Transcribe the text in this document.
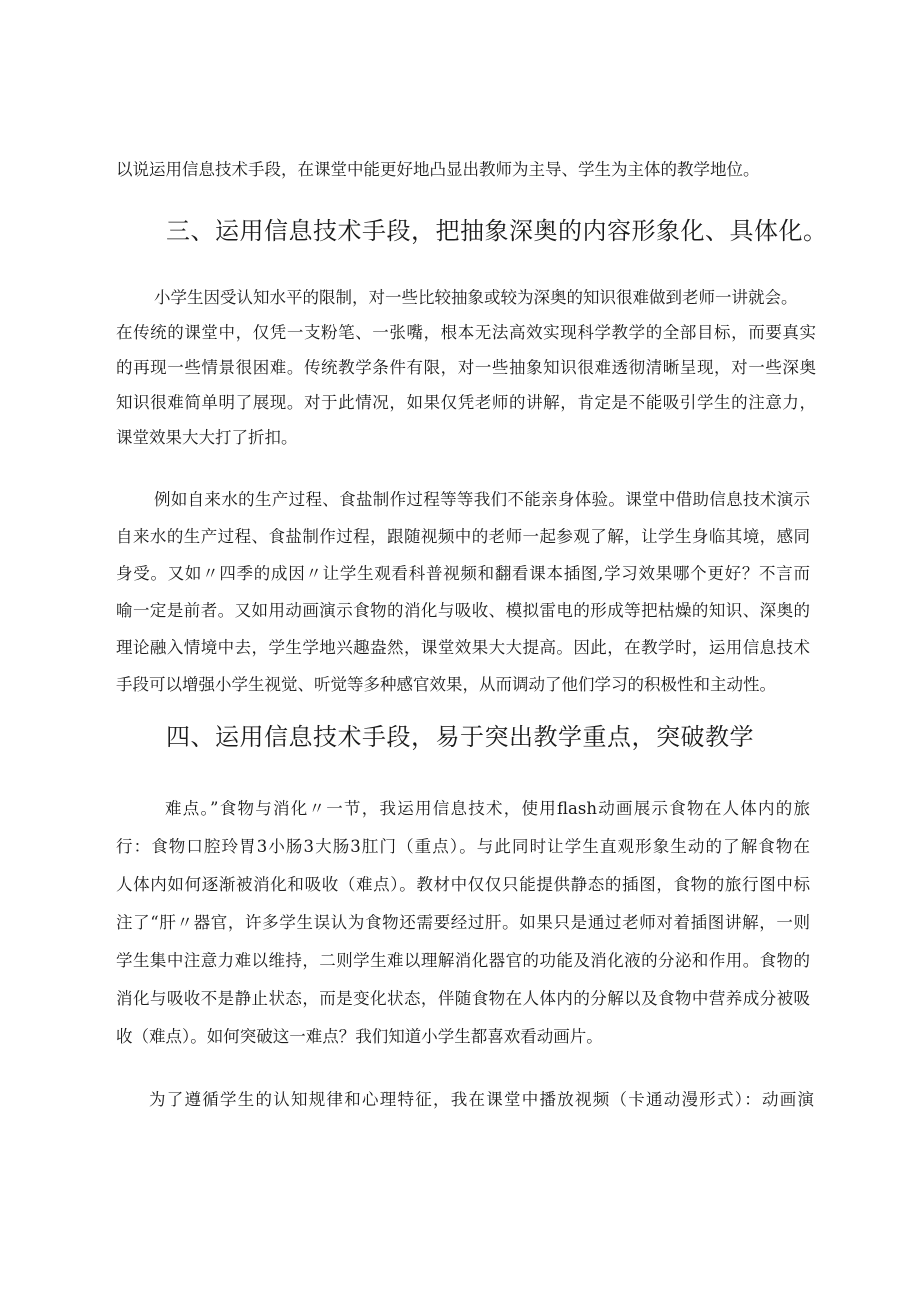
以说运用信息技术手段，在课堂中能更好地凸显出教师为主导、学生为主体的教学地位。
三、运用信息技术手段，把抽象深奥的内容形象化、具体化。
小学生因受认知水平的限制，对一些比较抽象或较为深奥的知识很难做到老师一讲就会。
在传统的课堂中，仅凭一支粉笔、一张嘴，根本无法高效实现科学教学的全部目标，而要真实
的再现一些情景很困难。传统教学条件有限，对一些抽象知识很难透彻清晰呈现，对一些深奥
知识很难简单明了展现。对于此情况，如果仅凭老师的讲解，肯定是不能吸引学生的注意力，
课堂效果大大打了折扣。
例如自来水的生产过程、食盐制作过程等等我们不能亲身体验。课堂中借助信息技术演示
自来水的生产过程、食盐制作过程，跟随视频中的老师一起参观了解，让学生身临其境，感同
身受。又如〃四季的成因〃让学生观看科普视频和翻看课本插图,学习效果哪个更好？不言而
喻一定是前者。又如用动画演示食物的消化与吸收、模拟雷电的形成等把枯燥的知识、深奥的
理论融入情境中去，学生学地兴趣盎然，课堂效果大大提高。因此，在教学时，运用信息技术
手段可以增强小学生视觉、听觉等多种感官效果，从而调动了他们学习的积极性和主动性。
四、运用信息技术手段，易于突出教学重点，突破教学
难点。”食物与消化〃一节，我运用信息技术，使用flash动画展示食物在人体内的旅
行：食物口腔玲胃3小肠3大肠3肛门（重点）。与此同时让学生直观形象生动的了解食物在
人体内如何逐渐被消化和吸收（难点）。教材中仅仅只能提供静态的插图，食物的旅行图中标
注了“肝〃器官，许多学生误认为食物还需要经过肝。如果只是通过老师对着插图讲解，一则
学生集中注意力难以维持，二则学生难以理解消化器官的功能及消化液的分泌和作用。食物的
消化与吸收不是静止状态，而是变化状态，伴随食物在人体内的分解以及食物中营养成分被吸
收（难点）。如何突破这一难点？我们知道小学生都喜欢看动画片。
为了遵循学生的认知规律和心理特征，我在课堂中播放视频（卡通动漫形式）：动画演
